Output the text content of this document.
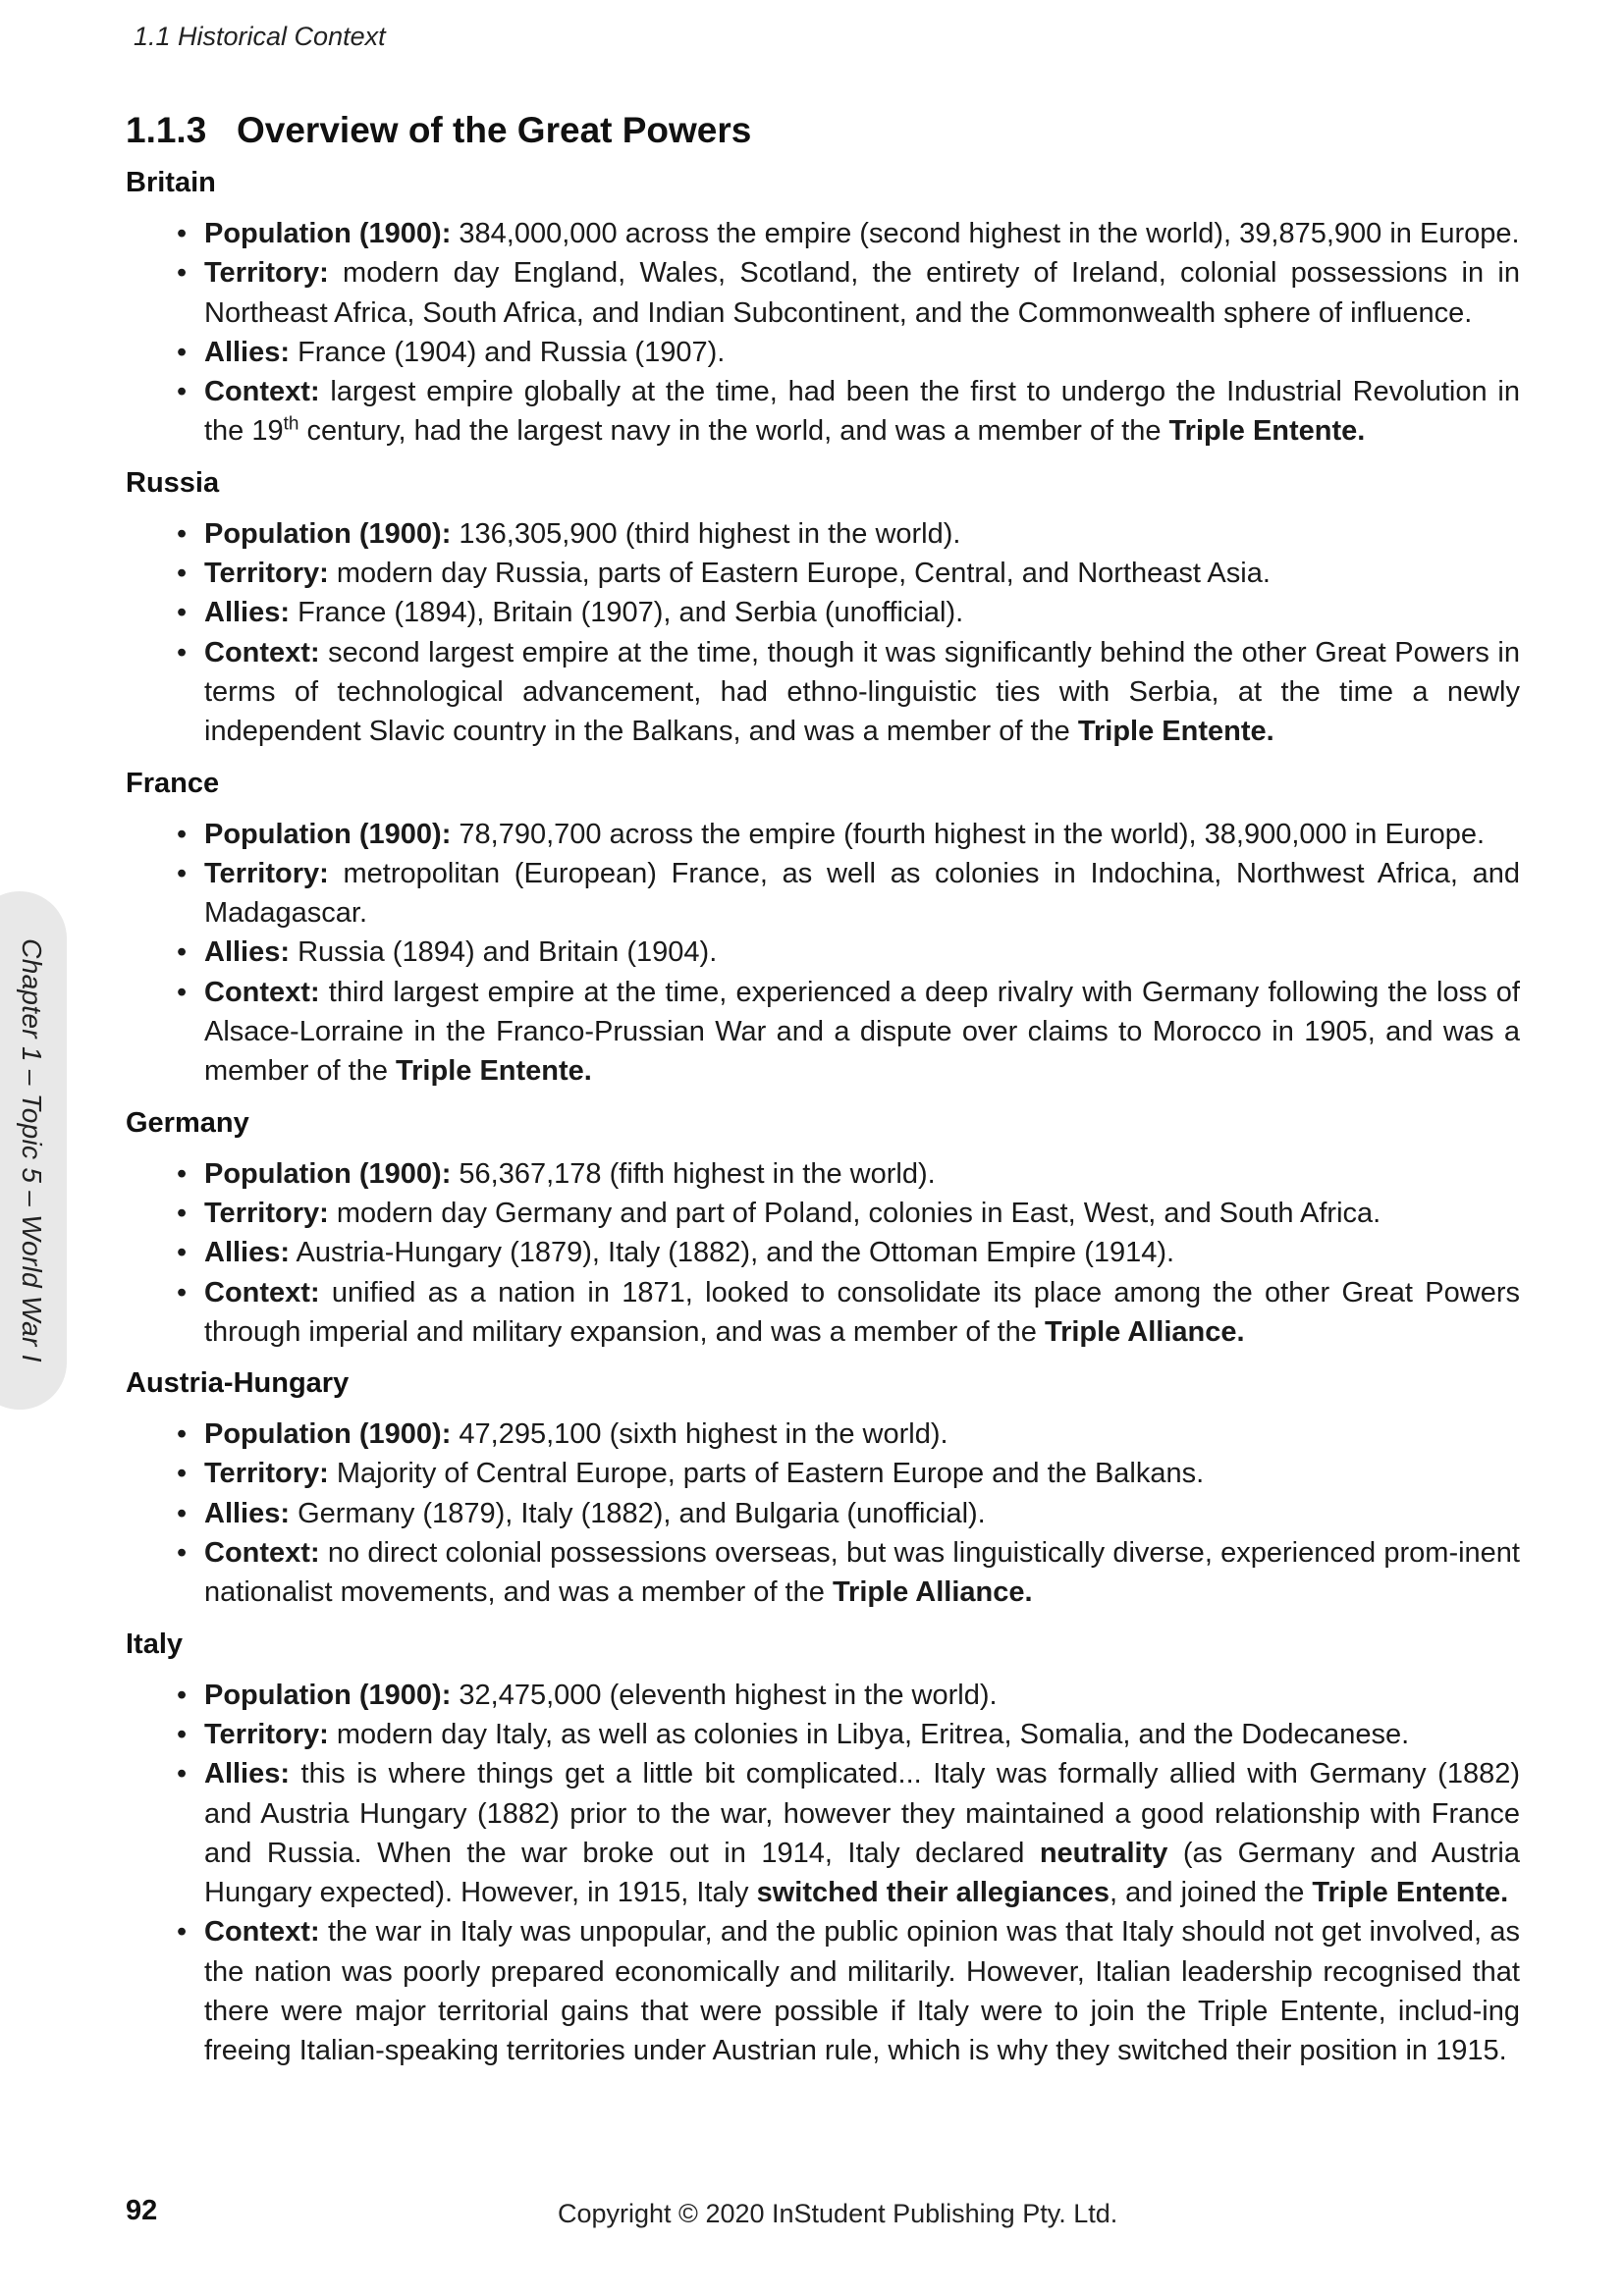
1.1 Historical Context
Chapter 1 – Topic 5 – World War I
1.1.3 Overview of the Great Powers
Britain
• Population (1900): 384,000,000 across the empire (second highest in the world), 39,875,900 in Europe.
• Territory: modern day England, Wales, Scotland, the entirety of Ireland, colonial possessions in in Northeast Africa, South Africa, and Indian Subcontinent, and the Commonwealth sphere of influence.
• Allies: France (1904) and Russia (1907).
• Context: largest empire globally at the time, had been the first to undergo the Industrial Revolution in the 19th century, had the largest navy in the world, and was a member of the Triple Entente.
Russia
• Population (1900): 136,305,900 (third highest in the world).
• Territory: modern day Russia, parts of Eastern Europe, Central, and Northeast Asia.
• Allies: France (1894), Britain (1907), and Serbia (unofficial).
• Context: second largest empire at the time, though it was significantly behind the other Great Powers in terms of technological advancement, had ethno-linguistic ties with Serbia, at the time a newly independent Slavic country in the Balkans, and was a member of the Triple Entente.
France
• Population (1900): 78,790,700 across the empire (fourth highest in the world), 38,900,000 in Europe.
• Territory: metropolitan (European) France, as well as colonies in Indochina, Northwest Africa, and Madagascar.
• Allies: Russia (1894) and Britain (1904).
• Context: third largest empire at the time, experienced a deep rivalry with Germany following the loss of Alsace-Lorraine in the Franco-Prussian War and a dispute over claims to Morocco in 1905, and was a member of the Triple Entente.
Germany
• Population (1900): 56,367,178 (fifth highest in the world).
• Territory: modern day Germany and part of Poland, colonies in East, West, and South Africa.
• Allies: Austria-Hungary (1879), Italy (1882), and the Ottoman Empire (1914).
• Context: unified as a nation in 1871, looked to consolidate its place among the other Great Powers through imperial and military expansion, and was a member of the Triple Alliance.
Austria-Hungary
• Population (1900): 47,295,100 (sixth highest in the world).
• Territory: Majority of Central Europe, parts of Eastern Europe and the Balkans.
• Allies: Germany (1879), Italy (1882), and Bulgaria (unofficial).
• Context: no direct colonial possessions overseas, but was linguistically diverse, experienced prom-inent nationalist movements, and was a member of the Triple Alliance.
Italy
• Population (1900): 32,475,000 (eleventh highest in the world).
• Territory: modern day Italy, as well as colonies in Libya, Eritrea, Somalia, and the Dodecanese.
• Allies: this is where things get a little bit complicated... Italy was formally allied with Germany (1882) and Austria Hungary (1882) prior to the war, however they maintained a good relationship with France and Russia. When the war broke out in 1914, Italy declared neutrality (as Germany and Austria Hungary expected). However, in 1915, Italy switched their allegiances, and joined the Triple Entente.
• Context: the war in Italy was unpopular, and the public opinion was that Italy should not get involved, as the nation was poorly prepared economically and militarily. However, Italian leadership recognised that there were major territorial gains that were possible if Italy were to join the Triple Entente, includ-ing freeing Italian-speaking territories under Austrian rule, which is why they switched their position in 1915.
92	Copyright © 2020 InStudent Publishing Pty. Ltd.
